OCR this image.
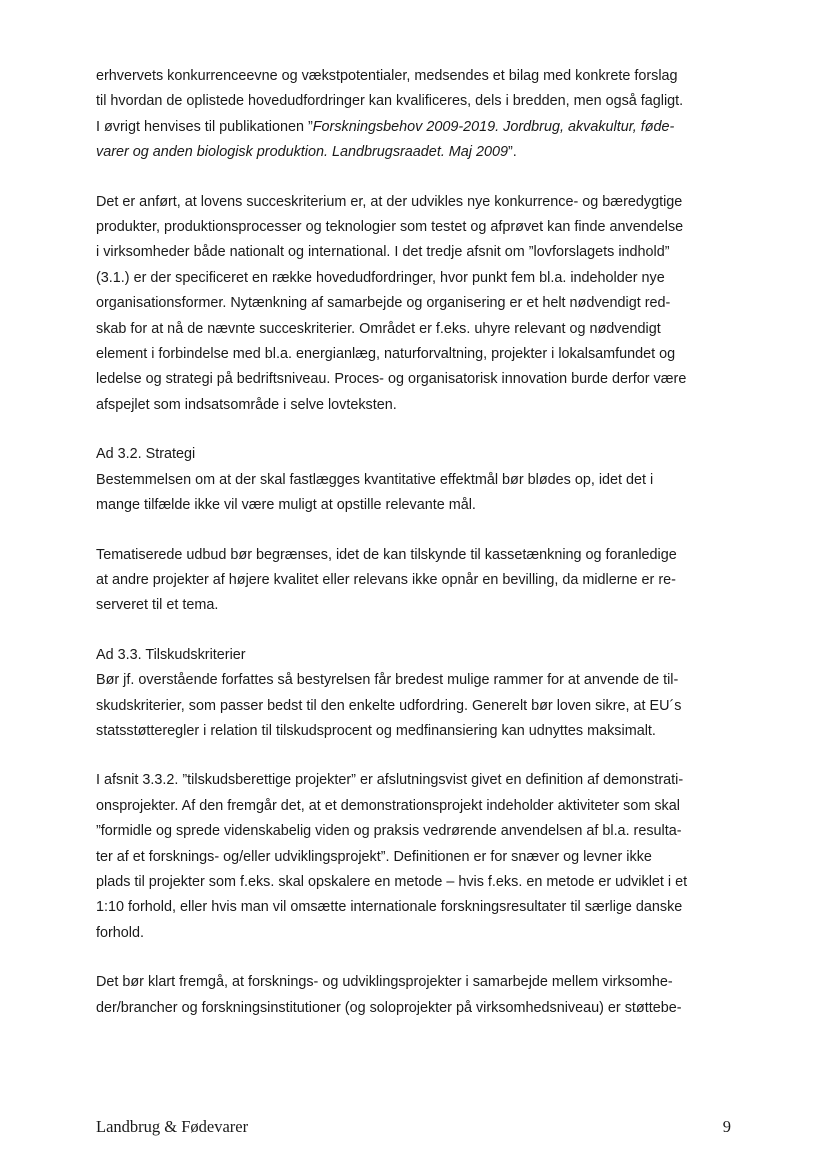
erhvervets konkurrenceevne og vækstpotentialer, medsendes et bilag med konkrete forslag
til hvordan de oplistede hovedudfordringer kan kvalificeres, dels i bredden, men også fagligt.
I øvrigt henvises til publikationen ”Forskningsbehov 2009-2019. Jordbrug, akvakultur, føde-
varer og anden biologisk produktion. Landbrugsraadet. Maj 2009”.

Det er anført, at lovens succeskriterium er, at der udvikles nye konkurrence- og bæredygtige
produkter, produktionsprocesser og teknologier som testet og afprøvet kan finde anvendelse
i virksomheder både nationalt og international. I det tredje afsnit om ”lovforslagets indhold”
(3.1.) er der specificeret en række hovedudfordringer, hvor punkt fem bl.a. indeholder nye
organisationsformer. Nytænkning af samarbejde og organisering er et helt nødvendigt red-
skab for at nå de nævnte succeskriterier. Området er f.eks. uhyre relevant og nødvendigt
element i forbindelse med bl.a. energianlæg, naturforvaltning, projekter i lokalsamfundet og
ledelse og strategi på bedriftsniveau. Proces- og organisatorisk innovation burde derfor være
afspejlet som indsatsområde i selve lovteksten.

Ad 3.2. Strategi
Bestemmelsen om at der skal fastlægges kvantitative effektmål bør blødes op, idet det i
mange tilfælde ikke vil være muligt at opstille relevante mål.

Tematiserede udbud bør begrænses, idet de kan tilskynde til kassetænkning og foranledige
at andre projekter af højere kvalitet eller relevans ikke opnår en bevilling, da midlerne er re-
serveret til et tema.

Ad 3.3. Tilskudskriterier
Bør jf. overstående forfattes så bestyrelsen får bredest mulige rammer for at anvende de til-
skudskriterier, som passer bedst til den enkelte udfordring. Generelt bør loven sikre, at EU´s
statsstøtteregler i relation til tilskudsprocent og medfinansiering kan udnyttes maksimalt.

I afsnit 3.3.2. ”tilskudsberettige projekter” er afslutningsvist givet en definition af demonstrati-
onsprojekter. Af den fremgår det, at et demonstrationsprojekt indeholder aktiviteter som skal
”formidle og sprede videnskabelig viden og praksis vedrørende anvendelsen af bl.a. resulta-
ter af et forsknings- og/eller udviklingsprojekt”. Definitionen er for snæver og levner ikke
plads til projekter som f.eks. skal opskalere en metode – hvis f.eks. en metode er udviklet i et
1:10 forhold, eller hvis man vil omsætte internationale forskningsresultater til særlige danske
forhold.

Det bør klart fremgå, at forsknings- og udviklingsprojekter i samarbejde mellem virksomhe-
der/brancher og forskningsinstitutioner (og soloprojekter på virksomhedsniveau) er støttebe-

Landbrug & Fødevarer	9
